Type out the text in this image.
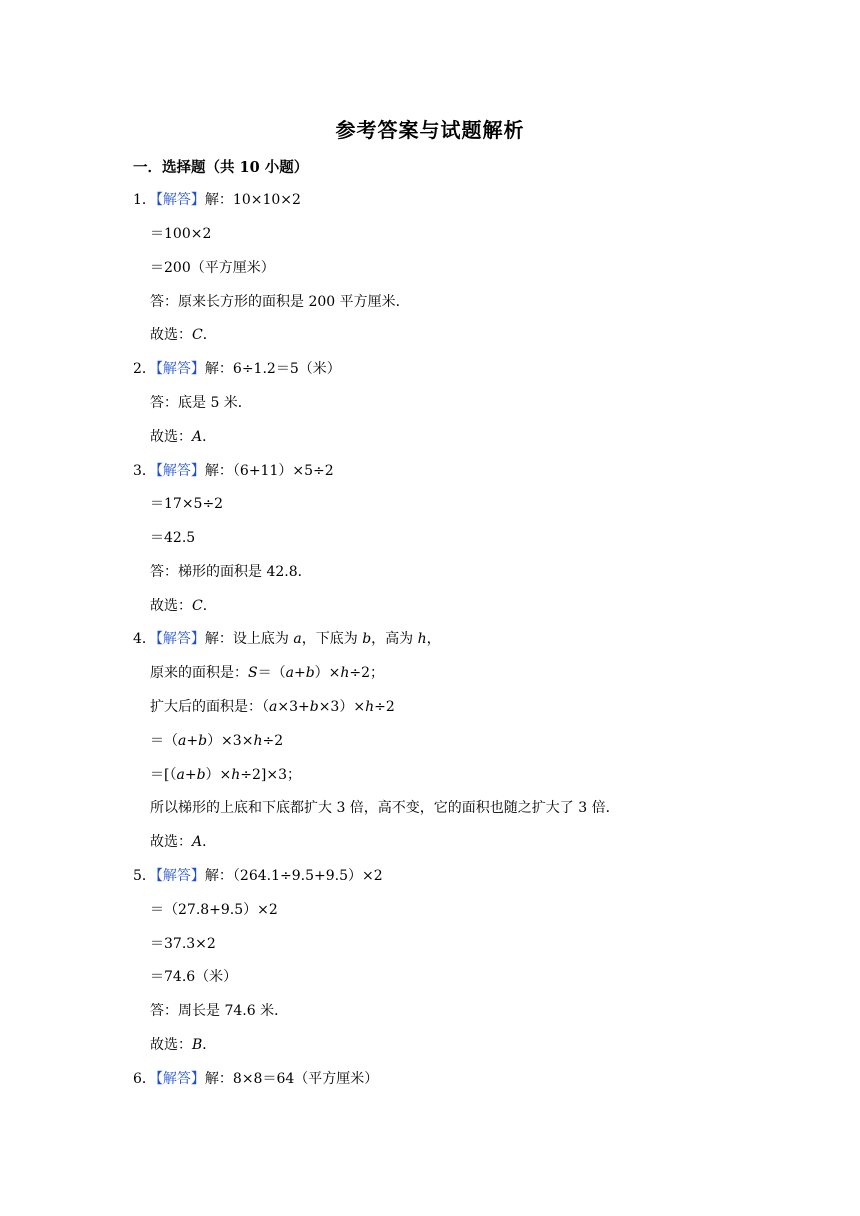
参考答案与试题解析
一．选择题（共 10 小题）
1．【解答】解：10×10×2
＝100×2
＝200（平方厘米）
答：原来长方形的面积是 200 平方厘米．
故选：C．
2．【解答】解：6÷1.2＝5（米）
答：底是 5 米．
故选：A．
3．【解答】解：（6+11）×5÷2
＝17×5÷2
＝42.5
答：梯形的面积是 42.8．
故选：C．
4．【解答】解：设上底为 a，下底为 b，高为 h，
原来的面积是：S＝（a+b）×h÷2；
扩大后的面积是：（a×3+b×3）×h÷2
＝（a+b）×3×h÷2
＝[（a+b）×h÷2]×3；
所以梯形的上底和下底都扩大 3 倍，高不变，它的面积也随之扩大了 3 倍．
故选：A．
5．【解答】解：（264.1÷9.5+9.5）×2
＝（27.8+9.5）×2
＝37.3×2
＝74.6（米）
答：周长是 74.6 米．
故选：B．
6．【解答】解：8×8＝64（平方厘米）
